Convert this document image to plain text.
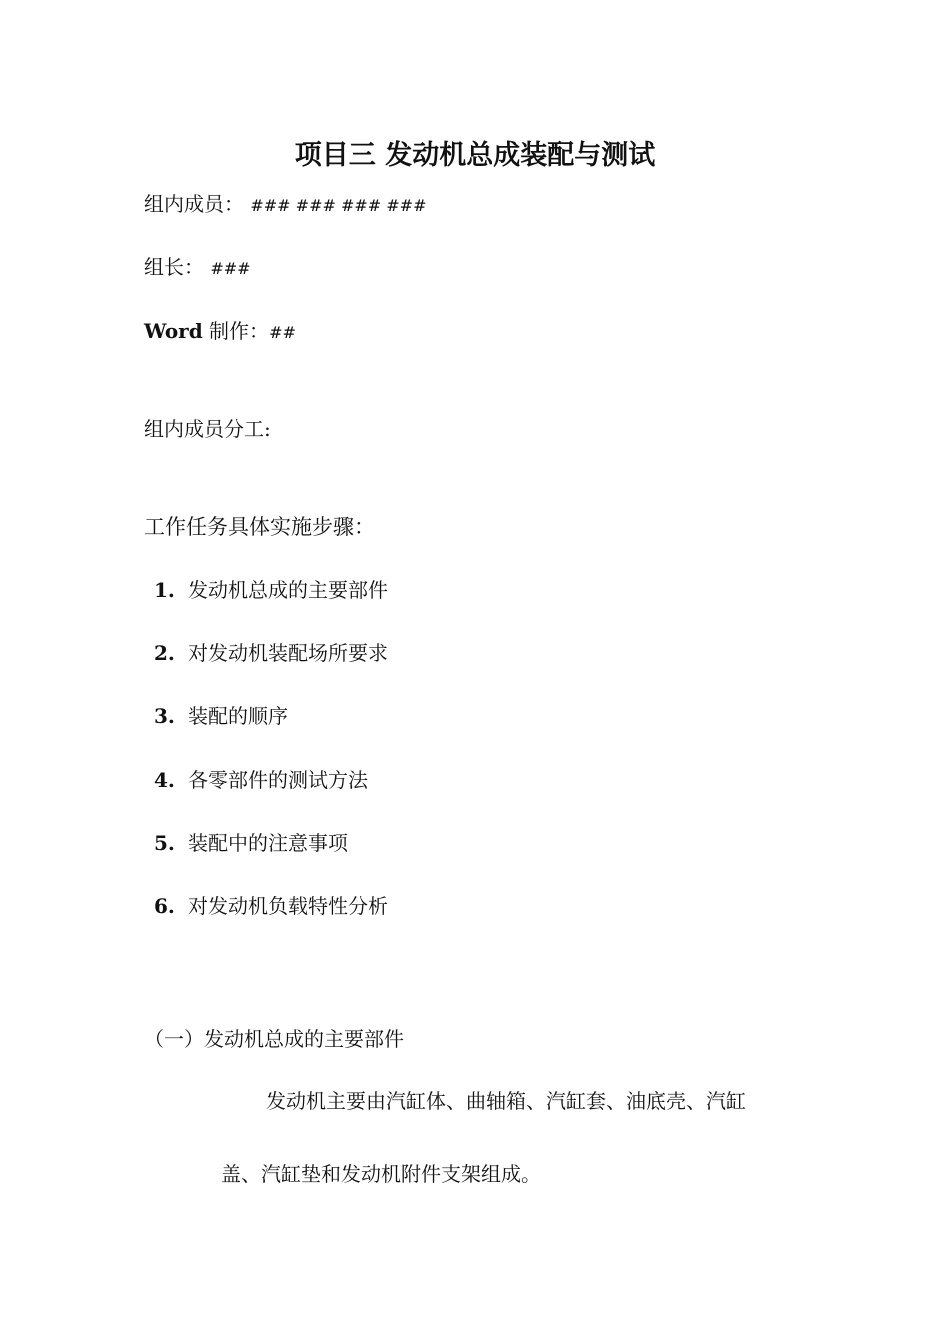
项目三 发动机总成装配与测试
组内成员： ### ### ### ###
组长： ###
Word 制作：##
组内成员分工:
工作任务具体实施步骤：
1. 发动机总成的主要部件
2. 对发动机装配场所要求
3. 装配的顺序
4. 各零部件的测试方法
5. 装配中的注意事项
6. 对发动机负载特性分析
（一）发动机总成的主要部件
发动机主要由汽缸体、曲轴箱、汽缸套、油底壳、汽缸
盖、汽缸垫和发动机附件支架组成。
